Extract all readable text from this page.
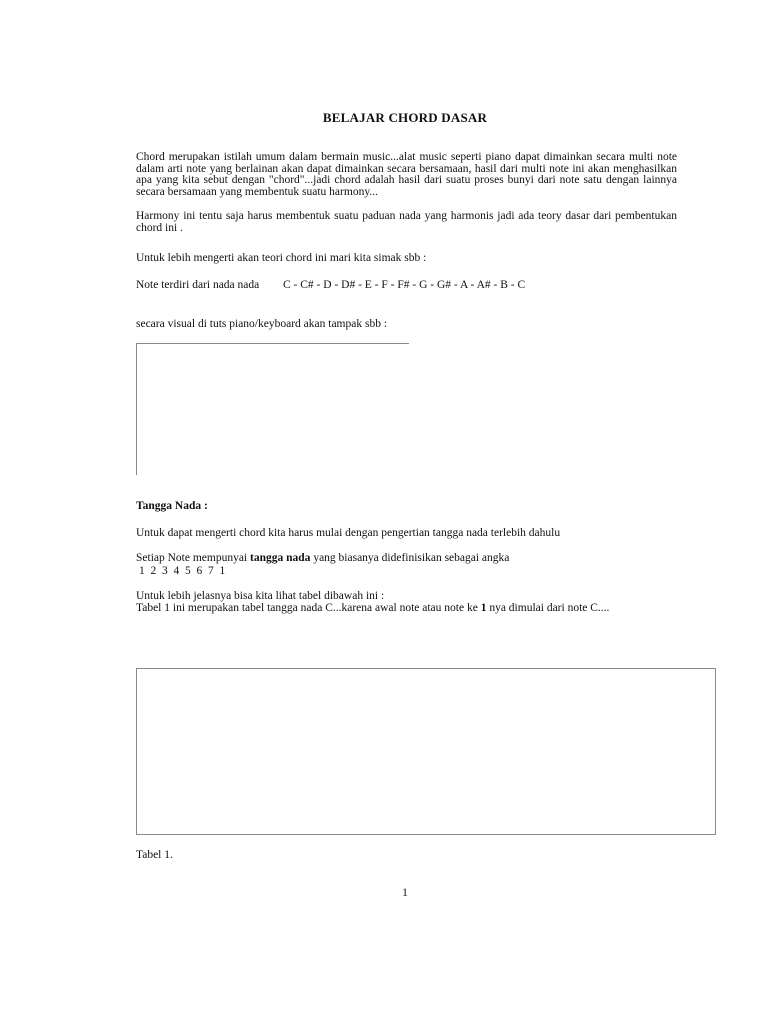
BELAJAR CHORD DASAR
Chord merupakan istilah umum dalam bermain music...alat music seperti piano dapat dimainkan secara multi note dalam arti note yang berlainan akan dapat dimainkan secara bersamaan, hasil dari multi note ini akan menghasilkan apa yang kita sebut dengan "chord"...jadi chord adalah hasil dari suatu proses bunyi dari note satu dengan lainnya secara bersamaan yang membentuk suatu harmony...
Harmony ini tentu saja harus membentuk suatu paduan nada yang harmonis jadi ada teory dasar dari pembentukan chord ini .
Untuk lebih mengerti akan teori chord ini mari kita simak sbb :
Note terdiri dari nada nada C - C# - D - D# - E - F - F# - G - G# - A - A# - B - C
secara visual di tuts piano/keyboard akan tampak sbb :
Tangga Nada :
Untuk dapat mengerti chord kita harus mulai dengan pengertian tangga nada terlebih dahulu
Setiap Note mempunyai tangga nada yang biasanya didefinisikan sebagai angka
1  2  3  4  5  6  7  1
Untuk lebih jelasnya bisa kita lihat tabel dibawah ini :
Tabel 1 ini merupakan tabel tangga nada C...karena awal note atau note ke 1 nya dimulai dari note C....
Tabel 1.
1
